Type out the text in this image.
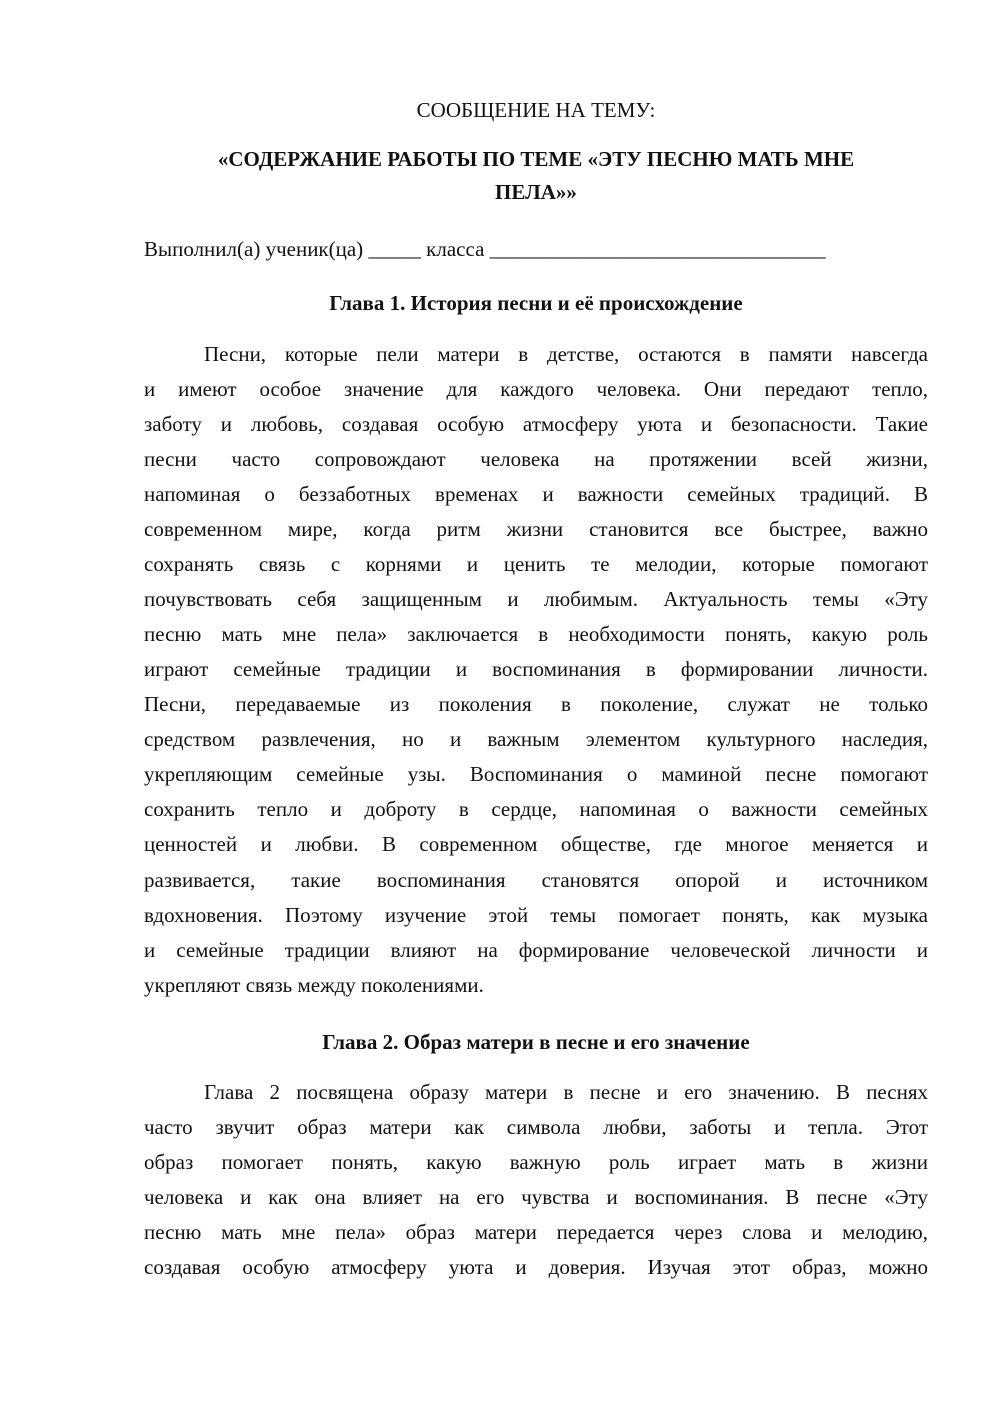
СООБЩЕНИЕ НА ТЕМУ:
«СОДЕРЖАНИЕ РАБОТЫ ПО ТЕМЕ «ЭТУ ПЕСНЮ МАТЬ МНЕ
ПЕЛА»»
Выполнил(а) ученик(ца) _____ класса ________________________________
Глава 1. История песни и её происхождение
Песни, которые пели матери в детстве, остаются в памяти навсегда
и имеют особое значение для каждого человека. Они передают тепло,
заботу и любовь, создавая особую атмосферу уюта и безопасности. Такие
песни часто сопровождают человека на протяжении всей жизни,
напоминая о беззаботных временах и важности семейных традиций. В
современном мире, когда ритм жизни становится все быстрее, важно
сохранять связь с корнями и ценить те мелодии, которые помогают
почувствовать себя защищенным и любимым. Актуальность темы «Эту
песню мать мне пела» заключается в необходимости понять, какую роль
играют семейные традиции и воспоминания в формировании личности.
Песни, передаваемые из поколения в поколение, служат не только
средством развлечения, но и важным элементом культурного наследия,
укрепляющим семейные узы. Воспоминания о маминой песне помогают
сохранить тепло и доброту в сердце, напоминая о важности семейных
ценностей и любви. В современном обществе, где многое меняется и
развивается, такие воспоминания становятся опорой и источником
вдохновения. Поэтому изучение этой темы помогает понять, как музыка
и семейные традиции влияют на формирование человеческой личности и
укрепляют связь между поколениями.
Глава 2. Образ матери в песне и его значение
Глава 2 посвящена образу матери в песне и его значению. В песнях
часто звучит образ матери как символа любви, заботы и тепла. Этот
образ помогает понять, какую важную роль играет мать в жизни
человека и как она влияет на его чувства и воспоминания. В песне «Эту
песню мать мне пела» образ матери передается через слова и мелодию,
создавая особую атмосферу уюта и доверия. Изучая этот образ, можно
